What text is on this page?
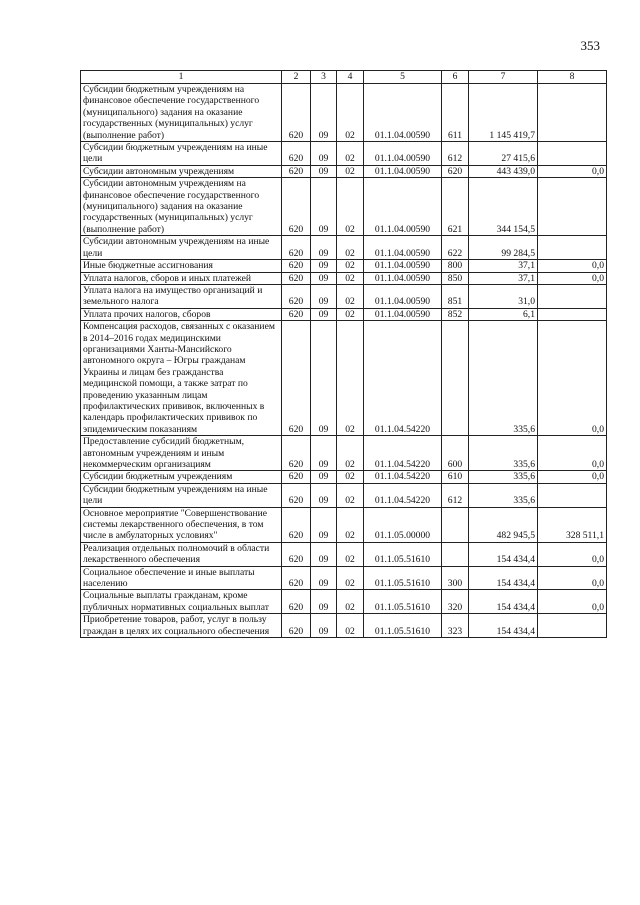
353
1	2	3	4	5	6	7	8
Субсидии бюджетным учреждениям на финансовое обеспечение государственного (муниципального) задания на оказание государственных (муниципальных) услуг (выполнение работ)	620	09	02	01.1.04.00590	611	1 145 419,7	
Субсидии бюджетным учреждениям на иные цели	620	09	02	01.1.04.00590	612	27 415,6	
Субсидии автономным учреждениям	620	09	02	01.1.04.00590	620	443 439,0	0,0
Субсидии автономным учреждениям на финансовое обеспечение государственного (муниципального) задания на оказание государственных (муниципальных) услуг (выполнение работ)	620	09	02	01.1.04.00590	621	344 154,5	
Субсидии автономным учреждениям на иные цели	620	09	02	01.1.04.00590	622	99 284,5	
Иные бюджетные ассигнования	620	09	02	01.1.04.00590	800	37,1	0,0
Уплата налогов, сборов и иных платежей	620	09	02	01.1.04.00590	850	37,1	0,0
Уплата налога на имущество организаций и земельного налога	620	09	02	01.1.04.00590	851	31,0	
Уплата прочих налогов, сборов	620	09	02	01.1.04.00590	852	6,1	
Компенсация расходов, связанных с оказанием в 2014–2016 годах медицинскими организациями Ханты-Мансийского автономного округа – Югры гражданам Украины и лицам без гражданства медицинской помощи, а также затрат по проведению указанным лицам профилактических прививок, включенных в календарь профилактических прививок по эпидемическим показаниям	620	09	02	01.1.04.54220		335,6	0,0
Предоставление субсидий бюджетным, автономным учреждениям и иным некоммерческим организациям	620	09	02	01.1.04.54220	600	335,6	0,0
Субсидии бюджетным учреждениям	620	09	02	01.1.04.54220	610	335,6	0,0
Субсидии бюджетным учреждениям на иные цели	620	09	02	01.1.04.54220	612	335,6	
Основное мероприятие "Совершенствование системы лекарственного обеспечения, в том числе в амбулаторных условиях"	620	09	02	01.1.05.00000		482 945,5	328 511,1
Реализация отдельных полномочий в области лекарственного обеспечения	620	09	02	01.1.05.51610		154 434,4	0,0
Социальное обеспечение и иные выплаты населению	620	09	02	01.1.05.51610	300	154 434,4	0,0
Социальные выплаты гражданам, кроме публичных нормативных социальных выплат	620	09	02	01.1.05.51610	320	154 434,4	0,0
Приобретение товаров, работ, услуг в пользу граждан в целях их социального обеспечения	620	09	02	01.1.05.51610	323	154 434,4	
